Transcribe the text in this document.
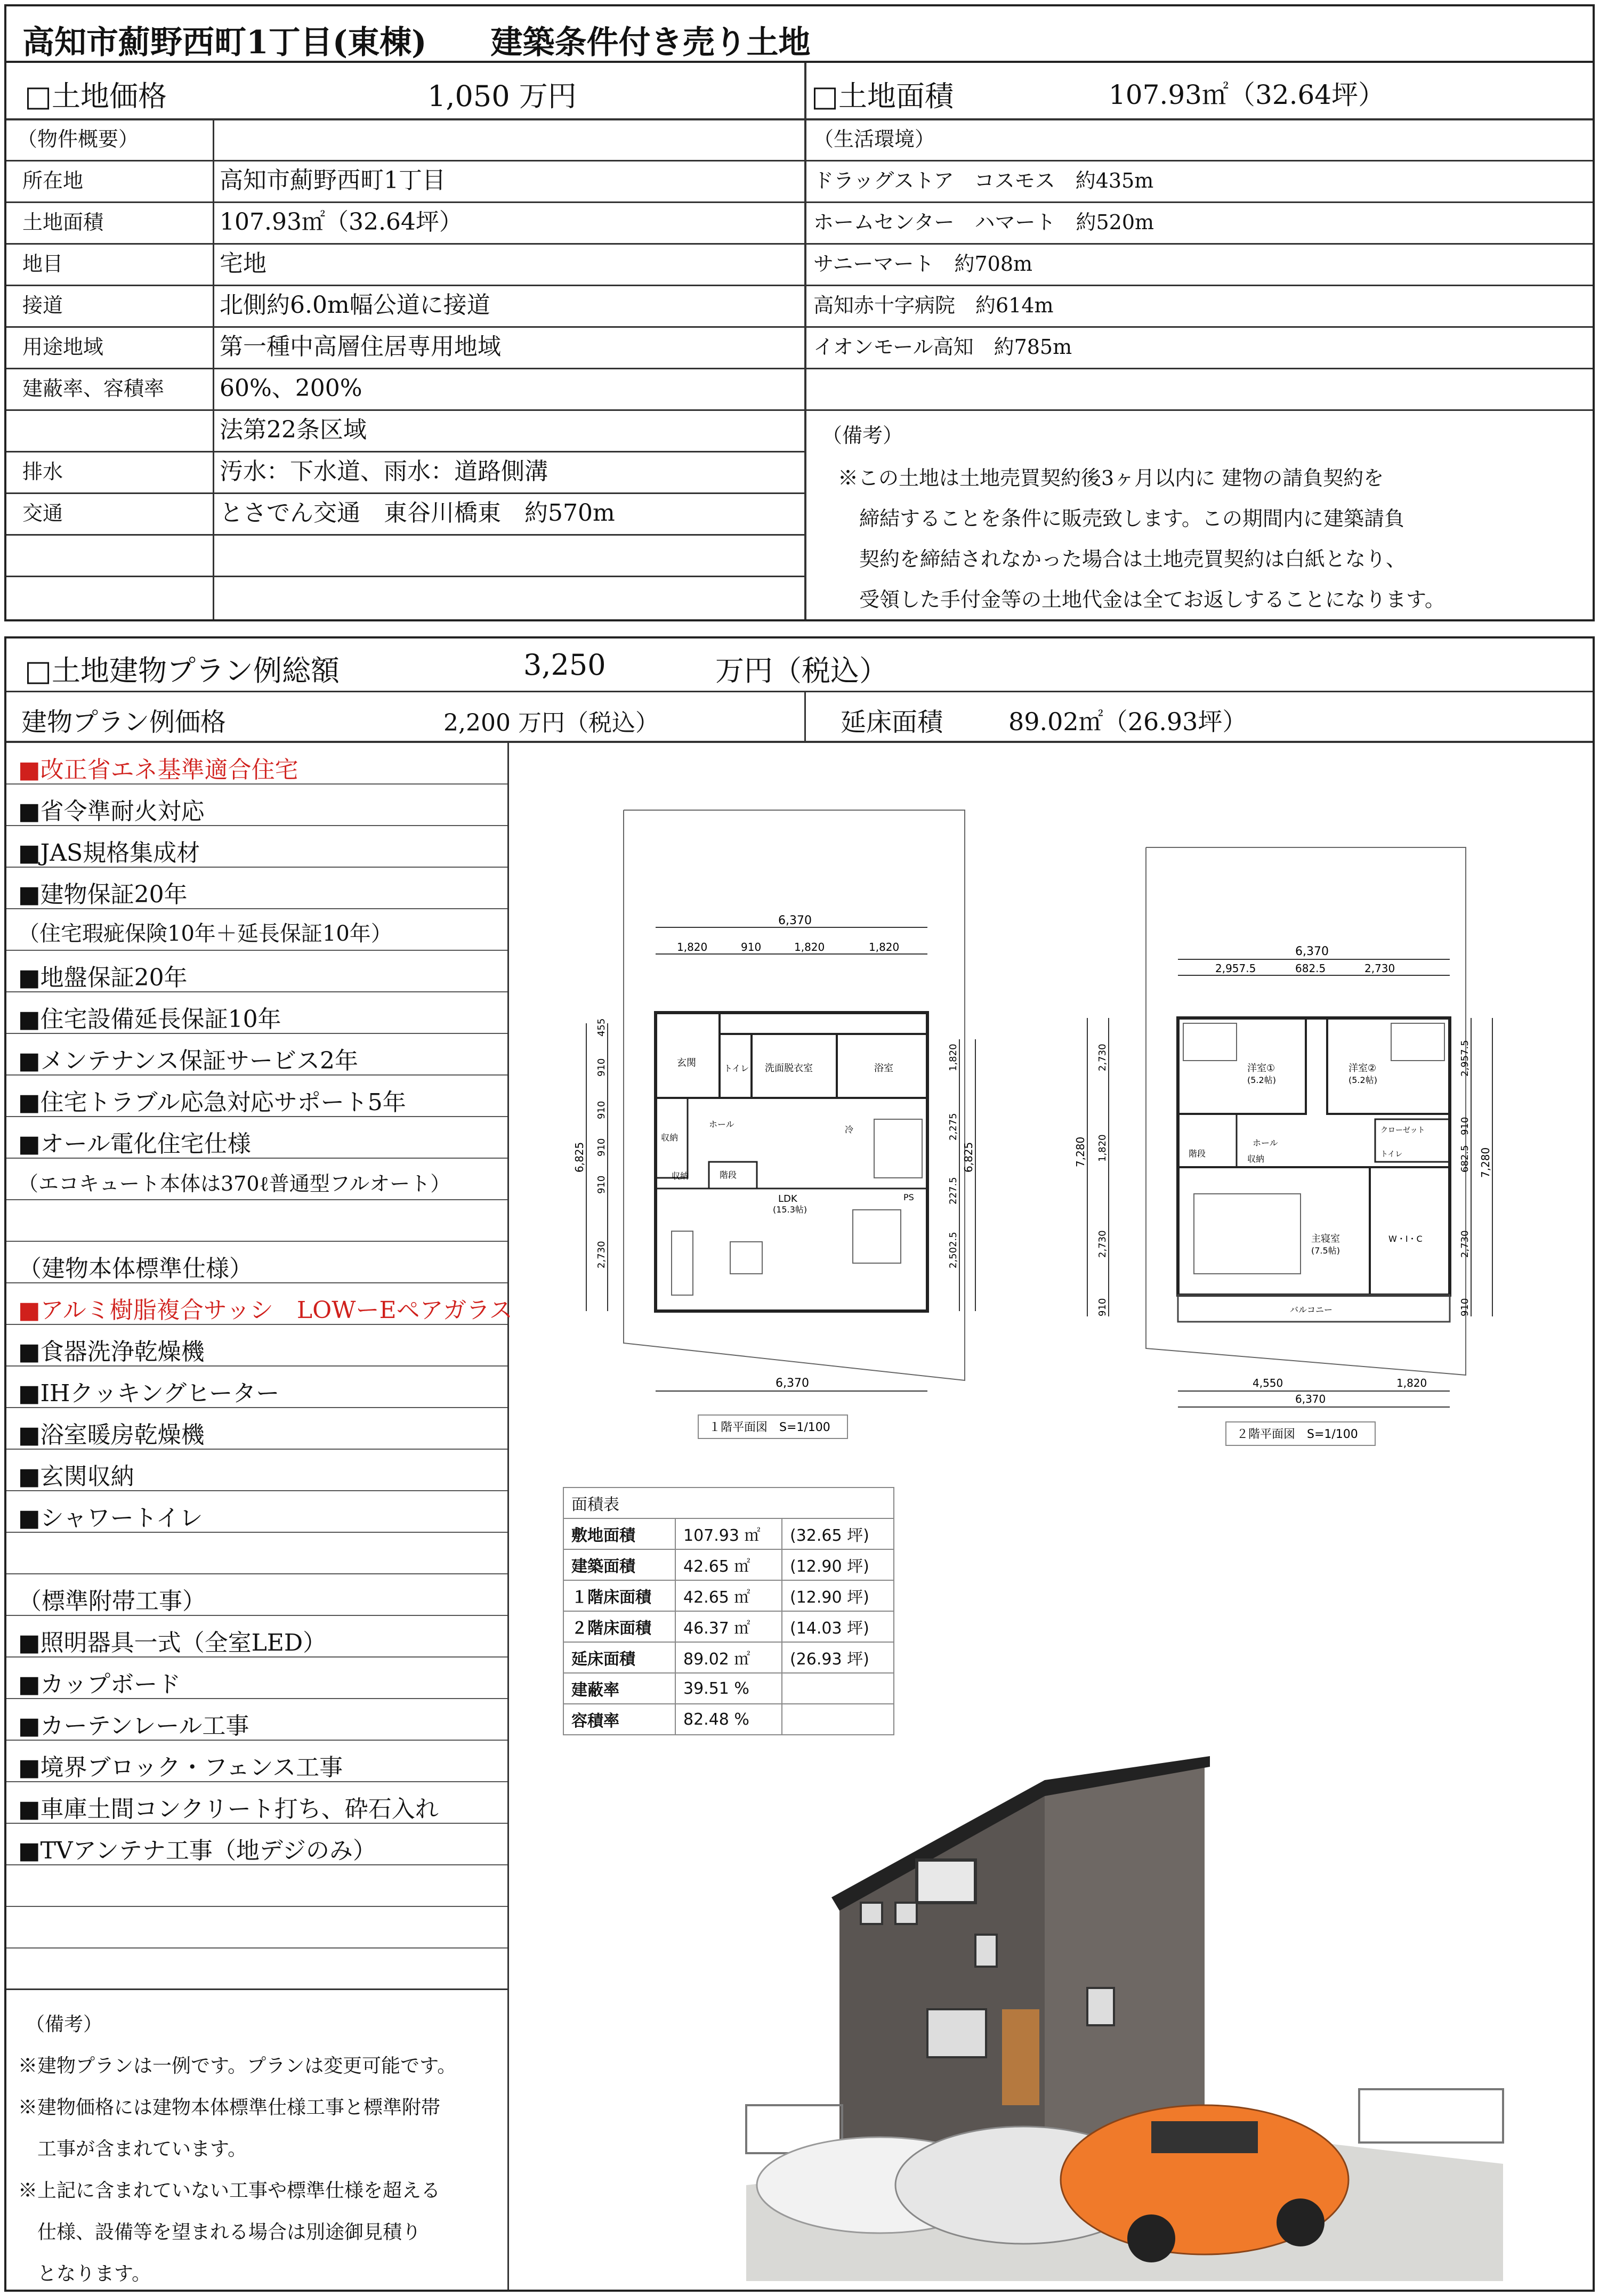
高知市薊野西町1丁目(東棟)　　建築条件付き売り土地
□土地価格	1,050 万円	□土地面積	107.93㎡（32.64坪）
（物件概要）
所在地	高知市薊野西町1丁目
土地面積	107.93㎡（32.64坪）
地目	宅地
接道	北側約6.0m幅公道に接道
用途地域	第一種中高層住居専用地域
建蔽率、容積率 60%、200%
法第22条区域
排水	汚水：下水道、雨水：道路側溝
交通	とさでん交通　東谷川橋東　約570m
（生活環境）
ドラッグストア　コスモス　約435m
ホームセンター　ハマート　約520m
サニーマート　約708m
高知赤十字病院　約614m
イオンモール高知　約785m
（備考）
※この土地は土地売買契約後3ヶ月以内に 建物の請負契約を
締結することを条件に販売致します。この期間内に建築請負
契約を締結されなかった場合は土地売買契約は白紙となり、
受領した手付金等の土地代金は全てお返しすることになります。
□土地建物プラン例総額	3,250	万円（税込）
建物プラン例価格	2,200 万円（税込）	延床面積	89.02㎡（26.93坪）
■改正省エネ基準適合住宅
■省令準耐火対応
■JAS規格集成材
■建物保証20年
（住宅瑕疵保険10年＋延長保証10年）
■地盤保証20年
■住宅設備延長保証10年
■メンテナンス保証サービス2年
■住宅トラブル応急対応サポート5年
■オール電化住宅仕様
（エコキュート本体は370ℓ普通型フルオート）
（建物本体標準仕様）
■アルミ樹脂複合サッシ　LOWーEペアガラス
■食器洗浄乾燥機
■IHクッキングヒーター
■浴室暖房乾燥機
■玄関収納
■シャワートイレ
（標準附帯工事）
■照明器具一式（全室LED）
■カップボード
■カーテンレール工事
■境界ブロック・フェンス工事
■車庫土間コンクリート打ち、砕石入れ
■TVアンテナ工事（地デジのみ）
（備考）
※建物プランは一例です。プランは変更可能です。
※建物価格には建物本体標準仕様工事と標準附帯
　工事が含まれています。
※上記に含まれていない工事や標準仕様を超える
　仕様、設備等を望まれる場合は別途御見積り
　となります。
6,370
1,820	910	1,820	1,820
6,825
455
910
910
910
910
2,730
6,825
1,820
2,275
227.5
2,502.5
玄関	トイレ 洗面脱衣室	浴室
ホール
収納
収納	階段
LDK
(15.3帖)
冷
PS
6,370
１階平面図　S=1/100
6,370
2,957.5	682.5	2,730
7,280
2,730
1,820
2,730
910
7,280
2,957.5
910
682.5
2,730
910
洋室①
(5.2帖)
洋室②
(5.2帖)
ホール
階段
収納
クローゼット
トイレ
主寝室
(7.5帖)
W・I・C
バルコニー
4,550	1,820
6,370
２階平面図　S=1/100
面積表		
敷地面積	107.93 ㎡	(32.65 坪)
建築面積	42.65 ㎡	(12.90 坪)
１階床面積	42.65 ㎡	(12.90 坪)
２階床面積	46.37 ㎡	(14.03 坪)
延床面積	89.02 ㎡	(26.93 坪)
建蔽率	39.51 %	
容積率	82.48 %	
